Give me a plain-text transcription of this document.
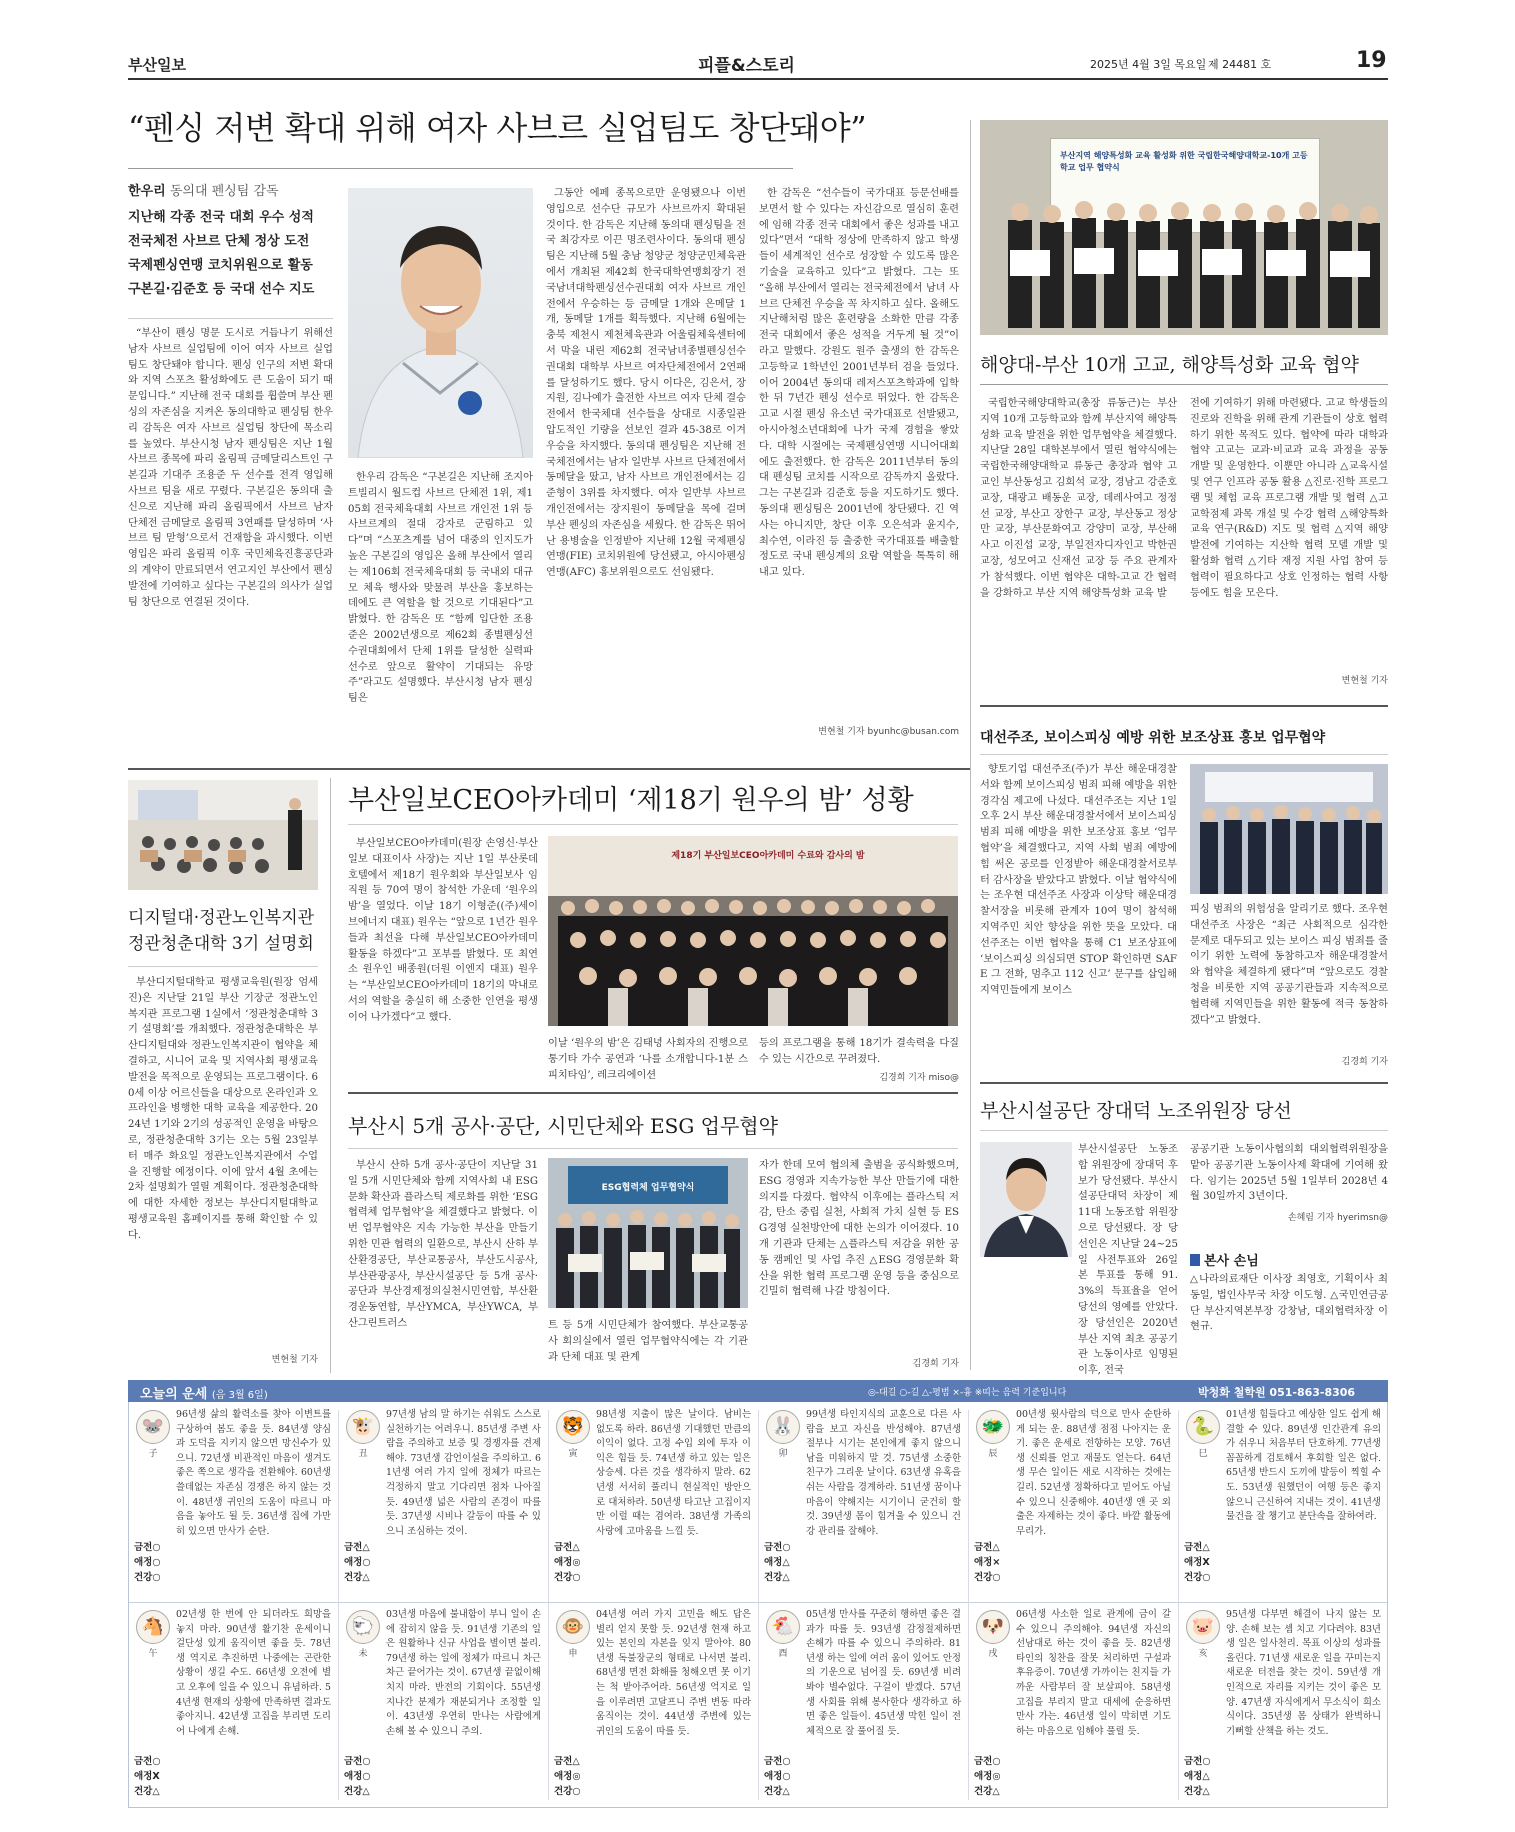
부산일보	피플&스토리	2025년 4월 3일 목요일 제 24481 호	19
“펜싱 저변 확대 위해 여자 사브르 실업팀도 창단돼야”
한우리 동의대 펜싱팀 감독
지난해 각종 전국 대회 우수 성적
전국체전 사브르 단체 정상 도전
국제펜싱연맹 코치위원으로 활동
구본길·김준호 등 국대 선수 지도

“부산이 펜싱 명문 도시로 거듭나기 위해선 남자 사브르 실업팀에 이어 여자 사브르 실업팀도 창단돼야 합니다. 펜싱 인구의 저변 확대와 지역 스포츠 활성화에도 큰 도움이 되기 때문입니다.” 지난해 전국 대회를 휩쓸며 부산 펜싱의 자존심을 지켜온 동의대학교 펜싱팀 한우리 감독은 여자 사브르 실업팀 창단에 목소리를 높였다. 부산시청 남자 펜싱팀은 지난 1월 사브르 종목에 파리 올림픽 금메달리스트인 구본길과 기대주 조용준 두 선수를 전격 영입해 사브르 팀을 새로 꾸렸다. 구본길은 동의대 출신으로 지난해 파리 올림픽에서 사브르 남자 단체전 금메달로 올림픽 3연패를 달성하며 ‘사브르 팀 맏형’으로서 건재함을 과시했다. 이번 영입은 파리 올림픽 이후 국민체육진흥공단과의 계약이 만료되면서 연고지인 부산에서 펜싱 발전에 기여하고 싶다는 구본길의 의사가 실업팀 창단으로 연결된 것이다.

한우리 감독은 “구본길은 지난해 조지아 트빌리시 월드컵 사브르 단체전 1위, 제105회 전국체육대회 사브르 개인전 1위 등 사브르계의 절대 강자로 군림하고 있다”며 “스포츠계를 넘어 대중의 인지도가 높은 구본길의 영입은 올해 부산에서 열리는 제106회 전국체육대회 등 국내외 대규모 체육 행사와 맞물려 부산을 홍보하는 데에도 큰 역할을 할 것으로 기대된다”고 밝혔다. 한 감독은 또 “함께 입단한 조용준은 2002년생으로 제62회 종별펜싱선수권대회에서 단체 1위를 달성한 실력파 선수로 앞으로 활약이 기대되는 유망주”라고도 설명했다. 부산시청 남자 펜싱팀은

그동안 에페 종목으로만 운영됐으나 이번 영입으로 선수단 규모가 사브르까지 확대된 것이다. 한 감독은 지난해 동의대 펜싱팀을 전국 최강자로 이끈 명조련사이다. 동의대 펜싱팀은 지난해 5월 충남 청양군 청양군민체육관에서 개최된 제42회 한국대학연맹회장기 전국남녀대학펜싱선수권대회 여자 사브르 개인전에서 우승하는 등 금메달 1개와 은메달 1개, 동메달 1개를 획득했다. 지난해 6월에는 충북 제천시 제천체육관과 어울림체육센터에서 막을 내린 제62회 전국남녀종별펜싱선수권대회 대학부 사브르 여자단체전에서 2연패를 달성하기도 했다. 당시 이다은, 김은서, 장지원, 김나예가 출전한 사브르 여자 단체 결승전에서 한국체대 선수들을 상대로 시종일관 압도적인 기량을 선보인 결과 45-38로 이겨 우승을 차지했다. 동의대 펜싱팀은 지난해 전국체전에서는 남자 일반부 사브르 단체전에서 동메달을 땄고, 남자 사브르 개인전에서는 김준형이 3위를 차지했다. 여자 일반부 사브르 개인전에서는 장지원이 동메달을 목에 걸며 부산 펜싱의 자존심을 세웠다. 한 감독은 뛰어난 용병술을 인정받아 지난해 12월 국제펜싱연맹(FIE) 코치위원에 당선됐고, 아시아펜싱연맹(AFC) 홍보위원으로도 선임됐다.

한 감독은 “선수들이 국가대표 등문선배를 보면서 할 수 있다는 자신감으로 열심히 훈련에 임해 각종 전국 대회에서 좋은 성과를 내고 있다”면서 “대학 정상에 만족하지 않고 학생들이 세계적인 선수로 성장할 수 있도록 많은 기술을 교육하고 있다”고 밝혔다. 그는 또 “올해 부산에서 열리는 전국체전에서 남녀 사브르 단체전 우승을 꼭 차지하고 싶다. 올해도 지난해처럼 많은 훈련량을 소화한 만큼 각종 전국 대회에서 좋은 성적을 거두게 될 것”이라고 말했다. 강원도 원주 출생의 한 감독은 고등학교 1학년인 2001년부터 검을 들었다. 이어 2004년 동의대 레저스포츠학과에 입학한 뒤 7년간 펜싱 선수로 뛰었다. 한 감독은 고교 시절 펜싱 유소년 국가대표로 선발됐고, 아시아청소년대회에 나가 국제 경험을 쌓았다. 대학 시절에는 국제펜싱연맹 시니어대회에도 출전했다. 한 감독은 2011년부터 동의대 펜싱팀 코치를 시작으로 감독까지 올랐다. 그는 구본길과 김준호 등을 지도하기도 했다. 동의대 펜싱팀은 2001년에 창단됐다. 긴 역사는 아니지만, 창단 이후 오은석과 윤지수, 최수연, 이라진 등 출중한 국가대표를 배출할 정도로 국내 펜싱계의 요람 역할을 톡톡히 해내고 있다.

변현철 기자 byunhc@busan.com
부산지역 해양특성화 교육 활성화 위한 국립한국해양대학교-10개 고등학교 업무 협약식
해양대-부산 10개 고교, 해양특성화 교육 협약

국립한국해양대학교(총장 류동근)는 부산 지역 10개 고등학교와 함께 부산지역 해양특성화 교육 발전을 위한 업무협약을 체결했다. 지난달 28일 대학본부에서 열린 협약식에는 국립한국해양대학교 류동근 총장과 협약 고교인 부산동성고 김희석 교장, 경남고 강준호 교장, 대광고 배동운 교장, 데레사여고 정정선 교장, 부산고 장한구 교장, 부산동고 정상만 교장, 부산문화여고 강양미 교장, 부산해사고 이진섭 교장, 부일전자디자인고 박한권 교장, 성모여고 신재선 교장 등 주요 관계자가 참석했다. 이번 협약은 대학-고교 간 협력을 강화하고 부산 지역 해양특성화 교육 발

전에 기여하기 위해 마련됐다. 고교 학생들의 진로와 진학을 위해 관계 기관들이 상호 협력하기 위한 목적도 있다. 협약에 따라 대학과 협약 고교는 교과·비교과 교육 과정을 공동 개발 및 운영한다. 이뿐만 아니라 △교육시설 및 연구 인프라 공동 활용 △진로·진학 프로그램 및 체험 교육 프로그램 개발 및 협력 △고교학점제 과목 개설 및 수강 협력 △해양특화 교육 연구(R&D) 지도 및 협력 △지역 해양 발전에 기여하는 지산학 협력 모델 개발 및 활성화 협력 △기타 재정 지원 사업 참여 등 협력이 필요하다고 상호 인정하는 협력 사항 등에도 힘을 모은다.

변현철 기자
대선주조, 보이스피싱 예방 위한 보조상표 홍보 업무협약

향토기업 대선주조(주)가 부산 해운대경찰서와 함께 보이스피싱 범죄 피해 예방을 위한 경각심 제고에 나섰다. 대선주조는 지난 1일 오후 2시 부산 해운대경찰서에서 보이스피싱 범죄 피해 예방을 위한 보조상표 홍보 ‘업무협약’을 체결했다고, 지역 사회 범죄 예방에 힘 써온 공로를 인정받아 해운대경찰서로부터 감사장을 받았다고 밝혔다. 이날 협약식에는 조우현 대선주조 사장과 이상탁 해운대경찰서장을 비롯해 관계자 10여 명이 참석해 지역주민 치안 향상을 위한 뜻을 모았다. 대선주조는 이번 협약을 통해 C1 보조상표에 ‘보이스피싱 의심되면 STOP 확인하면 SAFE 그 전화, 멈추고 112 신고’ 문구를 삽입해 지역민들에게 보이스

피싱 범죄의 위험성을 알리기로 했다. 조우현 대선주조 사장은 “최근 사회적으로 심각한 문제로 대두되고 있는 보이스 피싱 범죄를 줄이기 위한 노력에 동참하고자 해운대경찰서와 협약을 체결하게 됐다”며 “앞으로도 경찰청을 비롯한 지역 공공기관들과 지속적으로 협력해 지역민들을 위한 활동에 적극 동참하겠다”고 밝혔다.

김경희 기자
부산시설공단 장대덕 노조위원장 당선

부산시설공단 노동조합 위원장에 장대덕 후보가 당선됐다. 부산시설공단대덕 차장이 제11대 노동조합 위원장으로 당선됐다. 장 당선인은 지난달 24~25일 사전투표와 26일 본 투표를 통해 91.3%의 득표율을 얻어 당선의 영예를 안았다. 장 당선인은 2020년 부산 지역 최초 공공기관 노동이사로 임명된 이후, 전국

공공기관 노동이사협의회 대외협력위원장을 맡아 공공기관 노동이사제 확대에 기여해 왔다. 임기는 2025년 5월 1일부터 2028년 4월 30일까지 3년이다.

손혜림 기자 hyerimsn@
본사 손님

△나라의료재단 이사장 최영호, 기획이사 최동일, 법인사무국 차장 이도형. △국민연금공단 부산지역본부장 강창남, 대외협력차장 이현규.

디지털대·정관노인복지관
정관청춘대학 3기 설명회

부산디지털대학교 평생교육원(원장 엄세진)은 지난달 21일 부산 기장군 정관노인복지관 프로그램 1실에서 ‘정관청춘대학 3기 설명회’를 개최했다. 정관청춘대학은 부산디지털대와 정관노인복지관이 협약을 체결하고, 시니어 교육 및 지역사회 평생교육 발전을 목적으로 운영되는 프로그램이다. 60세 이상 어르신들을 대상으로 온라인과 오프라인을 병행한 대학 교육을 제공한다. 2024년 1기와 2기의 성공적인 운영을 바탕으로, 정관청춘대학 3기는 오는 5월 23일부터 매주 화요일 정관노인복지관에서 수업을 진행할 예정이다. 이에 앞서 4월 초에는 2차 설명회가 열릴 계획이다. 정관청춘대학에 대한 자세한 정보는 부산디지털대학교 평생교육원 홈페이지를 통해 확인할 수 있다.

변현철 기자
부산일보CEO아카데미 ‘제18기 원우의 밤’ 성황

부산일보CEO아카데미(원장 손영신·부산일보 대표이사 사장)는 지난 1일 부산롯데호텔에서 제18기 원우회와 부산일보사 임직원 등 70여 명이 참석한 가운데 ‘원우의 밤’을 열었다. 이날 18기 이형준((주)세이브에너지 대표) 원우는 “앞으로 1년간 원우들과 최선을 다해 부산일보CEO아카데미 활동을 하겠다”고 포부를 밝혔다. 또 최연소 원우인 배종원(더원 이엔지 대표) 원우는 “부산일보CEO아카데미 18기의 막내로서의 역할을 충실히 해 소중한 인연을 평생 이어 나가겠다”고 했다.

제18기 부산일보CEO아카데미 수료와 감사의 밤

이날 ‘원우의 밤’은 김태녕 사회자의 진행으로 통기타 가수 공연과 ‘나를 소개합니다-1분 스피치타임’, 레크리에이션

등의 프로그램을 통해 18기가 결속력을 다질 수 있는 시간으로 꾸려졌다.

김경희 기자 miso@
부산시 5개 공사·공단, 시민단체와 ESG 업무협약

부산시 산하 5개 공사·공단이 지난달 31일 5개 시민단체와 함께 지역사회 내 ESG 문화 확산과 플라스틱 제로화를 위한 ‘ESG협력체 업무협약’을 체결했다고 밝혔다. 이번 업무협약은 지속 가능한 부산을 만들기 위한 민관 협력의 일환으로, 부산시 산하 부산환경공단, 부산교통공사, 부산도시공사, 부산관광공사, 부산시설공단 등 5개 공사·공단과 부산경제정의실천시민연합, 부산환경운동연합, 부산YMCA, 부산YWCA, 부산그린트러스

ESG협력체 업무협약식

트 등 5개 시민단체가 참여했다. 부산교통공사 회의실에서 열린 업무협약식에는 각 기관과 단체 대표 및 관계

자가 한데 모여 협의체 출범을 공식화했으며, ESG 경영과 지속가능한 부산 만들기에 대한 의지를 다졌다. 협약식 이후에는 플라스틱 저감, 탄소 중립 실천, 사회적 가치 실현 등 ESG경영 실천방안에 대한 논의가 이어졌다. 10개 기관과 단체는 △플라스틱 저감을 위한 공동 캠페인 및 사업 추진 △ESG 경영문화 확산을 위한 협력 프로그램 운영 등을 중심으로 긴밀히 협력해 나갈 방침이다.

김경희 기자
오늘의 운세 (음 3월 6일)	◎-대길 ○-길 △-평범 ×-흉 ※띠는 음력 기준입니다	박청화 철학원 051-863-8306
🐭
子
96년생 삶의 활력소를 찾아 이변트를 구상하여 봄도 좋을 듯. 84년생 양심과 도덕을 지키지 않으면 망신수가 있으니. 72년생 비관적인 마음이 생겨도 좋은 쪽으로 생각을 전환해야. 60년생 쓸데없는 자존심 경쟁은 하지 않는 것이. 48년생 귀인의 도움이 따르니 마음을 놓아도 될 듯. 36년생 집에 가만히 있으면 만사가 순탄.
금전○
애정○
건강○
🐮
丑
97년생 남의 말 하기는 쉬워도 스스로 실천하기는 어려우니. 85년생 주변 사람을 주의하고 보증 및 경쟁자를 견제해야. 73년생 감언이설을 주의하고. 61년생 여러 가지 일에 정체가 따르는 걱정하지 말고 기다리면 점차 나아질 듯. 49년생 넓은 사람의 존경이 따를 듯. 37년생 시비나 갈등이 따를 수 있으니 조심하는 것이.
금전△
애정○
건강△
🐯
寅
98년생 지출이 많은 날이다. 남비는 없도록 하라. 86년생 기대했던 만큼의 이익이 없다. 고정 수입 외에 투자 이익은 힘들 듯. 74년생 하고 있는 일은 상승세. 다른 것을 생각하지 말라. 62년생 서서히 풀리니 현실적인 방안으로 대처하라. 50년생 타고난 고집이지만 이럴 때는 겸여라. 38년생 가족의 사랑에 고마움을 느낄 듯.
금전△
애정◎
건강○
🐰
卯
99년생 타인지식의 교훈으로 다른 사람을 보고 자신을 반성해야. 87년생 절부나 시기는 본인에게 좋지 않으니 남을 미워하지 말 것. 75년생 소중한 친구가 그리운 날이다. 63년생 유혹을 쉬는 사람을 경계하라. 51년생 꿈이나 마음이 약해지는 시기이니 굳건히 할 것. 39년생 몸이 힘겨울 수 있으니 건강 관리를 잘해야.
금전○
애정△
건강△
🐲
辰
00년생 윗사람의 덕으로 만사 순탄하게 되는 운. 88년생 점점 나아지는 운기. 좋은 운세로 전향하는 모양. 76년생 신뢰를 얻고 재물도 얻는다. 64년생 무슨 일이든 새로 시작하는 것에는 길리. 52년생 정확하다고 믿어도 아닐 수 있으니 신중해야. 40년생 앤 곳 외출은 자제하는 것이 좋다. 바깥 활동에 무리가.
금전△
애정×
건강○
🐍
巳
01년생 힘들다고 예상한 일도 쉽게 해결할 수 있다. 89년생 인간관계 유의가 쉬우니 처음부터 단호하게. 77년생 꼼꼼하게 검토해서 후회할 일은 없다. 65년생 반드시 도끼에 발등이 찍힐 수도. 53년생 원했던이 여행 등은 좋지 않으니 근신하여 지내는 것이. 41년생 물건을 잘 챙기고 분단속을 잘하여라.
금전△
애정X
건강○
🐴
午
02년생 한 번에 안 되더라도 희망을 놓지 마라. 90년생 활기찬 운세이니 걸단성 있게 움직이면 좋을 듯. 78년생 역지로 추진하면 나중에는 곤란한 상황이 생길 수도. 66년생 오전에 별고 오후에 일을 수 있으니 유념하라. 54년생 현재의 상황에 만족하면 결과도 좋아지니. 42년생 고집을 부리면 도리어 나에게 손해.
금전○
애정X
건강△
🐑
未
03년생 마음에 불내함이 부니 일이 손에 잡히지 않을 듯. 91년생 기존의 일은 원활하나 신규 사업을 별이면 불리. 79년생 하는 일에 정체가 따르니 차근차근 끝어가는 것이. 67년생 끝없이해치지 마라. 반전의 기회이다. 55년생 지나간 분제가 재분되거나 조정할 일이. 43년생 우연히 만나는 사람에게 손해 볼 수 있으니 주의.
금전○
애정○
건강△
🐵
申
04년생 여러 가지 고민을 해도 답은 별리 얻지 못할 듯. 92년생 현재 하고 있는 본인의 자본을 잊지 말아야. 80년생 독불장군의 형태로 나서면 불리. 68년생 면전 화해를 청해오면 못 이기는 척 받아주어라. 56년생 억지로 일을 이루려면 고달프니 주변 변동 따라 움직이는 것이. 44년생 주변에 있는 귀인의 도움이 따를 듯.
금전△
애정◎
건강○
🐔
酉
05년생 만사를 꾸준히 행하면 좋은 결과가 따를 듯. 93년생 감정절제하면 손해가 따를 수 있으니 주의하라. 81년생 하는 일에 여러 움이 있어도 안정의 기운으로 넘어질 듯. 69년생 비려봐야 별수없다. 구걸이 받겠다. 57년생 사회를 위해 봉사한다 생각하고 하면 좋은 일들이. 45년생 막힌 일이 전체적으로 잘 풀어질 듯.
금전○
애정○
건강△
🐶
戌
06년생 사소한 일로 관계에 금이 갈 수 있으니 주의해야. 94년생 자신의 선남대로 하는 것이 좋을 듯. 82년생 타인의 칭찬을 잘못 처리하면 구설과 후유증이. 70년생 가까이는 친지들 가까운 사람부터 잘 보살피야. 58년생 고집을 부리지 말고 대세에 순응하면 만사 가는. 46년생 일이 막히면 기도하는 마음으로 임해야 풀릴 듯.
금전○
애정◎
건강△
🐷
亥
95년생 다부면 해결이 나지 않는 모양. 손해 보는 셈 치고 기다려야. 83년생 일은 일사천리. 목표 이상의 성과를 올린다. 71년생 새로운 일을 꾸미는지 새로운 터전을 찾는 것이. 59년생 개인적으로 자리를 지키는 것이 좋은 모양. 47년생 자식에게서 무소식이 희소식이다. 35년생 몸 상태가 완벽하니 기뻐할 산책을 하는 것도.
금전○
애정△
건강△
